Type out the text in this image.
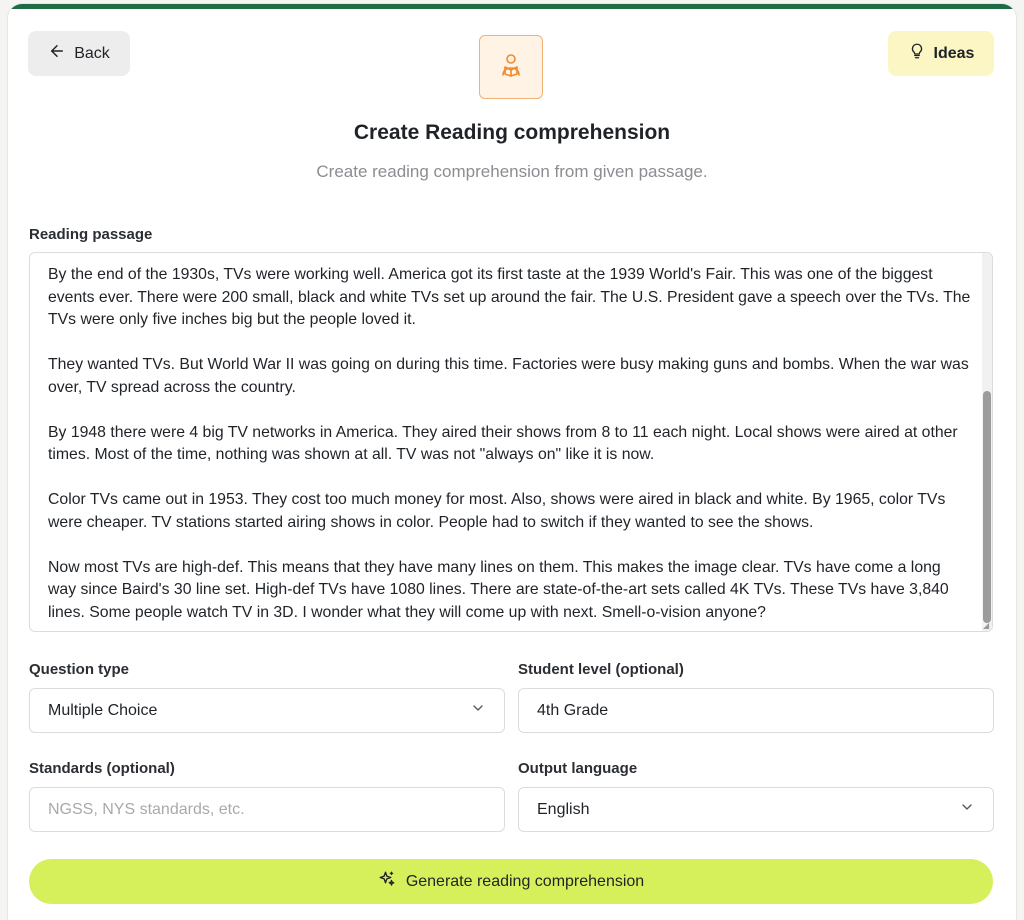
Back	Ideas
Create Reading comprehension
Create reading comprehension from given passage.
Reading passage
By the end of the 1930s, TVs were working well. America got its first taste at the 1939 World's Fair. This was one of the biggest events ever. There were 200 small, black and white TVs set up around the fair. The U.S. President gave a speech over the TVs. The TVs were only five inches big but the people loved it.

They wanted TVs. But World War II was going on during this time. Factories were busy making guns and bombs. When the war was over, TV spread across the country.

By 1948 there were 4 big TV networks in America. They aired their shows from 8 to 11 each night. Local shows were aired at other times. Most of the time, nothing was shown at all. TV was not "always on" like it is now.

Color TVs came out in 1953. They cost too much money for most. Also, shows were aired in black and white. By 1965, color TVs were cheaper. TV stations started airing shows in color. People had to switch if they wanted to see the shows.

Now most TVs are high-def. This means that they have many lines on them. This makes the image clear. TVs have come a long way since Baird's 30 line set. High-def TVs have 1080 lines. There are state-of-the-art sets called 4K TVs. These TVs have 3,840 lines. Some people watch TV in 3D. I wonder what they will come up with next. Smell-o-vision anyone?
◢
Question type
Multiple Choice
Student level (optional)
4th Grade
Standards (optional)
NGSS, NYS standards, etc.
Output language
English
Generate reading comprehension
